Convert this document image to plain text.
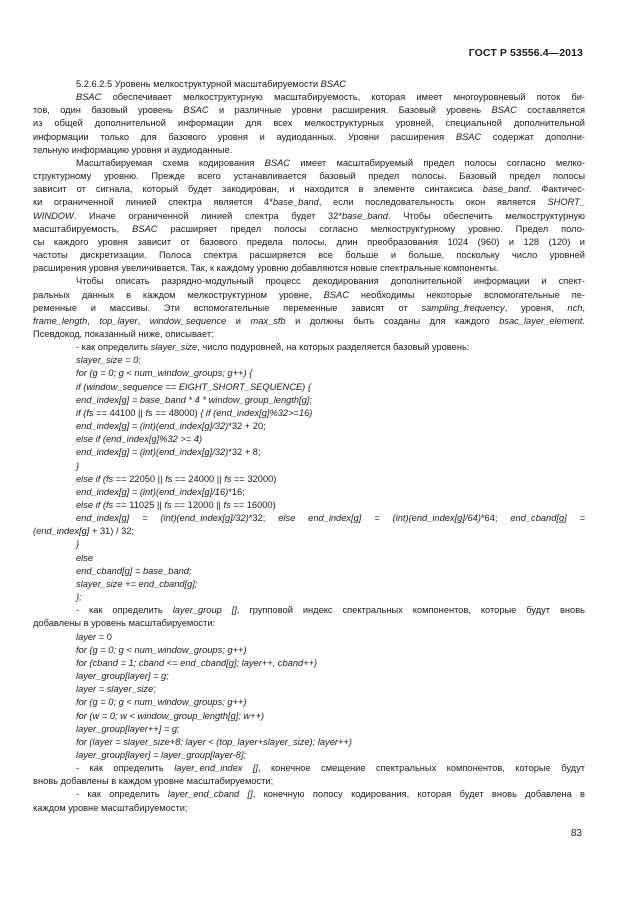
ГОСТ Р 53556.4—2013
5.2.6.2.5 Уровень мелкоструктурной масштабируемости BSAC
BSAC обеспечивает мелкоструктурную масштабируемость, которая имеет многоуровневый поток би-
тов, один базовый уровень BSAC и различные уровни расширения. Базовый уровень BSAC составляется
из общей дополнительной информации для всех мелкоструктурных уровней, специальной дополнительной
информации только для базового уровня и аудиоданных. Уровни расширения BSAC содержат дополни-
тельную информацию уровня и аудиоданные.
Масштабируемая схема кодирования BSAC имеет масштабируемый предел полосы согласно мелко-
структурному уровню. Прежде всего устанавливается базовый предел полосы. Базовый предел полосы
зависит от сигнала, который будет закодирован, и находится в элементе синтаксиса base_band. Фактичес-
ки ограниченной линией спектра является 4*base_band, если последовательность окон является SHORT_
WINDOW. Иначе ограниченной линией спектра будет 32*base_band. Чтобы обеспечить мелкоструктурную
масштабируемость, BSAC расширяет предел полосы согласно мелкоструктурному уровню. Предел поло-
сы каждого уровня зависит от базового предела полосы, длин преобразования 1024 (960) и 128 (120) и
частоты дискретизации. Полоса спектра расширяется все больше и больше, поскольку число уровней
расширения уровня увеличивается. Так, к каждому уровню добавляются новые спектральные компоненты.
Чтобы описать разрядно-модульный процесс декодирования дополнительной информации и спект-
ральных данных в каждом мелкоструктурном уровне, BSAC необходимы некоторые вспомогательные пе-
ременные и массивы. Эти вспомогательные переменные зависят от sampling_frequency, уровня, nch,
frame_length, top_layer, window_sequence и max_sfb и должны быть созданы для каждого bsac_layer_element.
Псевдокод, показанный ниже, описывает:
- как определить slayer_size, число подуровней, на которых разделяется базовый уровень:
slayer_size = 0;
for (g = 0; g < num_window_groups; g++) {
if (window_sequence == EIGHT_SHORT_SEQUENCE) {
end_index[g] = base_band * 4 * window_group_length[g];
if (fs == 44100 || fs == 48000) { if (end_index[g]%32>=16)
end_index[g] = (int)(end_index[g]/32)*32 + 20;
else if (end_index[g]%32 >= 4)
end_index[g] = (int)(end_index[g]/32)*32 + 8;
}
else if (fs == 22050 || fs == 24000 || fs == 32000)
end_index[g] = (int)(end_index[g]/16)*16;
else if (fs == 11025 || fs == 12000 || fs == 16000)
end_index[g] = (int)(end_index[g]/32)*32; else end_index[g] = (int)(end_index[g]/64)*64; end_cband[g] =
(end_index[g] + 31) / 32;
}
else
end_cband[g] = base_band;
slayer_size += end_cband[g];
};
- как определить layer_group [], групповой индекс спектральных компонентов, которые будут вновь
добавлены в уровень масштабируемости:
layer = 0
for (g = 0; g < num_window_groups; g++)
for (cband = 1; cband <= end_cband[g]; layer++, cband++)
layer_group[layer] = g;
layer = slayer_size;
for (g = 0; g < num_window_groups; g++)
for (w = 0; w < window_group_length[g]; w++)
layer_group[layer++] = g;
for (layer = slayer_size+8; layer < (top_layer+slayer_size); layer++)
layer_group[layer] = layer_group[layer-8];
- как определить layer_end_index [], конечное смещение спектральных компонентов, которые будут
вновь добавлены в каждом уровне масштабируемости;
- как определить layer_end_cband [], конечную полосу кодирования, которая будет вновь добавлена в
каждом уровне масштабируемости;
83
